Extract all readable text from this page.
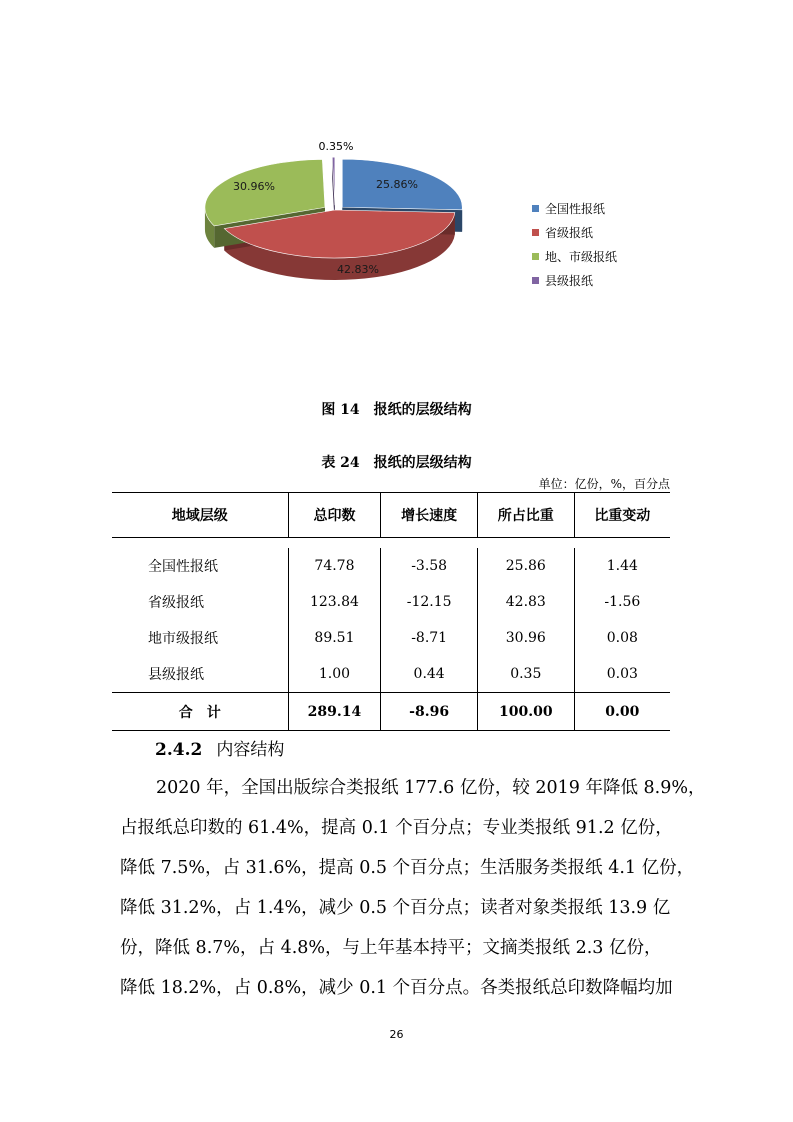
25.86%
42.83%
30.96%
0.35%
全国性报纸
省级报纸
地、市级报纸
县级报纸
图 14　报纸的层级结构
表 24　报纸的层级结构
单位：亿份，%，百分点
地域层级	总印数	增长速度	所占比重	比重变动

全国性报纸	74.78	-3.58	25.86	1.44
省级报纸	123.84	-12.15	42.83	-1.56
地市级报纸	89.51	-8.71	30.96	0.08
县级报纸	1.00	0.44	0.35	0.03
合　计	289.14	-8.96	100.00	0.00
2.4.2 内容结构
2020 年，全国出版综合类报纸 177.6 亿份，较 2019 年降低 8.9%，
占报纸总印数的 61.4%，提高 0.1 个百分点；专业类报纸 91.2 亿份，
降低 7.5%，占 31.6%，提高 0.5 个百分点；生活服务类报纸 4.1 亿份，
降低 31.2%，占 1.4%，减少 0.5 个百分点；读者对象类报纸 13.9 亿
份，降低 8.7%，占 4.8%，与上年基本持平；文摘类报纸 2.3 亿份，
降低 18.2%，占 0.8%，减少 0.1 个百分点。各类报纸总印数降幅均加
26
